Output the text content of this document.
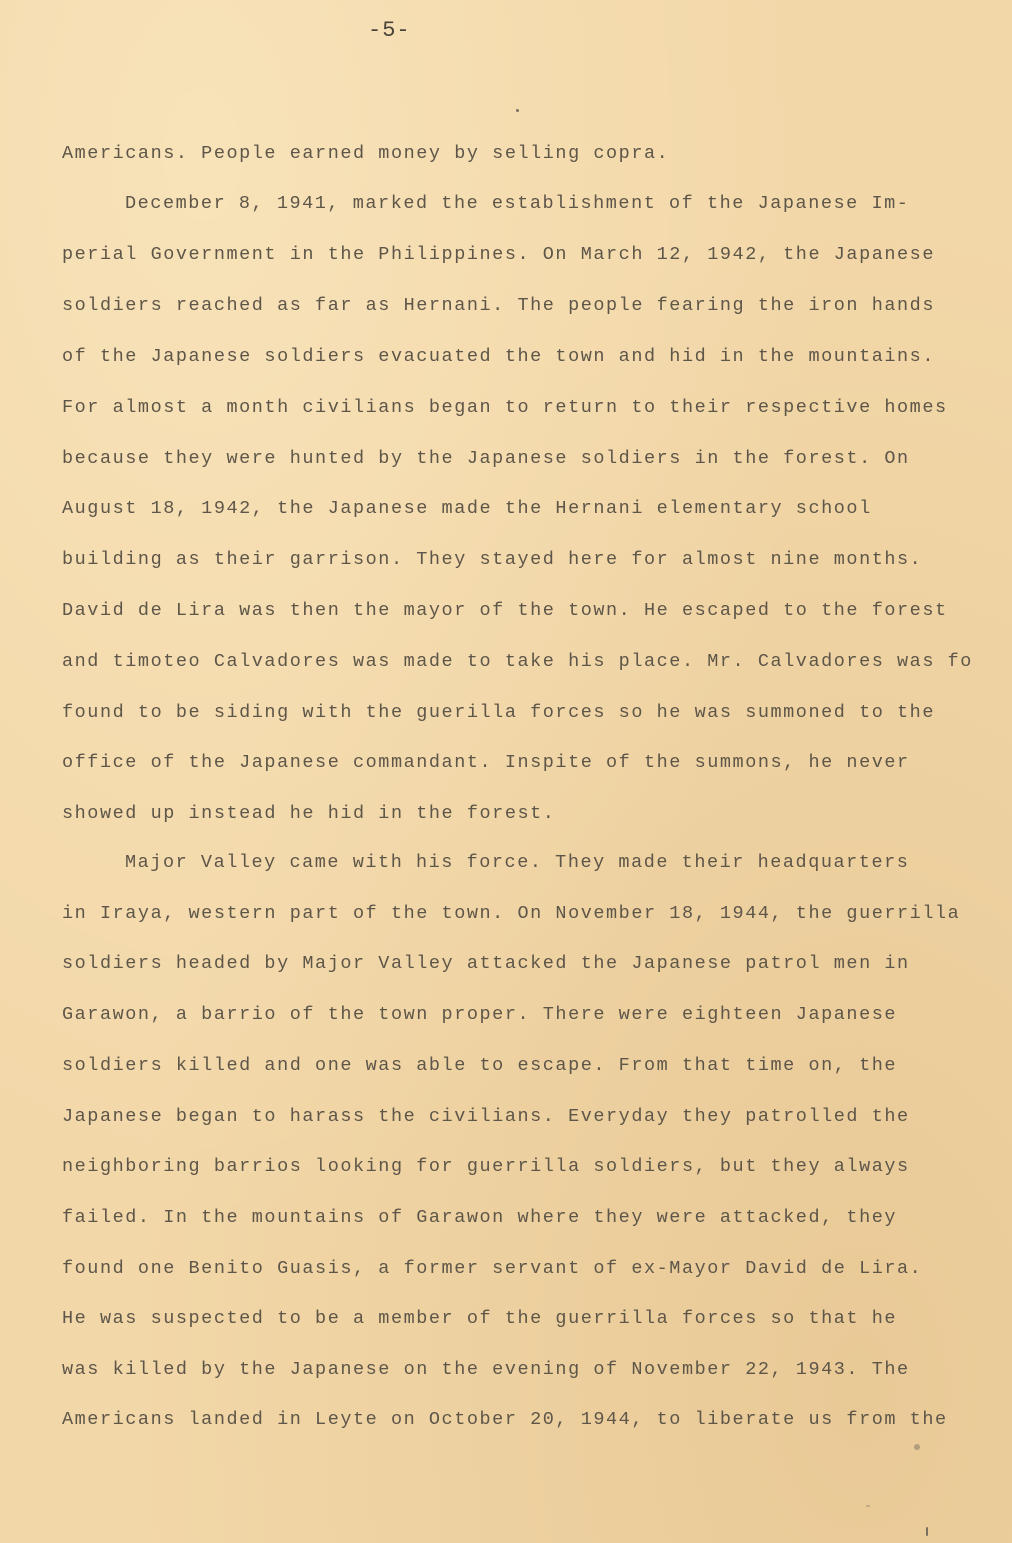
-5-
Americans. People earned money by selling copra.
December 8, 1941, marked the establishment of the Japanese Im-
perial Government in the Philippines. On March 12, 1942, the Japanese
soldiers reached as far as Hernani. The people fearing the iron hands
of the Japanese soldiers evacuated the town and hid in the mountains.
For almost a month civilians began to return to their respective homes
because they were hunted by the Japanese soldiers in the forest. On
August 18, 1942, the Japanese made the Hernani elementary school
building as their garrison. They stayed here for almost nine months.
David de Lira was then the mayor of the town. He escaped to the forest
and timoteo Calvadores was made to take his place. Mr. Calvadores was fo
found to be siding with the guerilla forces so he was summoned to the
office of the Japanese commandant. Inspite of the summons, he never
showed up instead he hid in the forest.
Major Valley came with his force. They made their headquarters
in Iraya, western part of the town. On November 18, 1944, the guerrilla
soldiers headed by Major Valley attacked the Japanese patrol men in
Garawon, a barrio of the town proper. There were eighteen Japanese
soldiers killed and one was able to escape. From that time on, the
Japanese began to harass the civilians. Everyday they patrolled the
neighboring barrios looking for guerrilla soldiers, but they always
failed. In the mountains of Garawon where they were attacked, they
found one Benito Guasis, a former servant of ex-Mayor David de Lira.
He was suspected to be a member of the guerrilla forces so that he
was killed by the Japanese on the evening of November 22, 1943. The
Americans landed in Leyte on October 20, 1944, to liberate us from the
